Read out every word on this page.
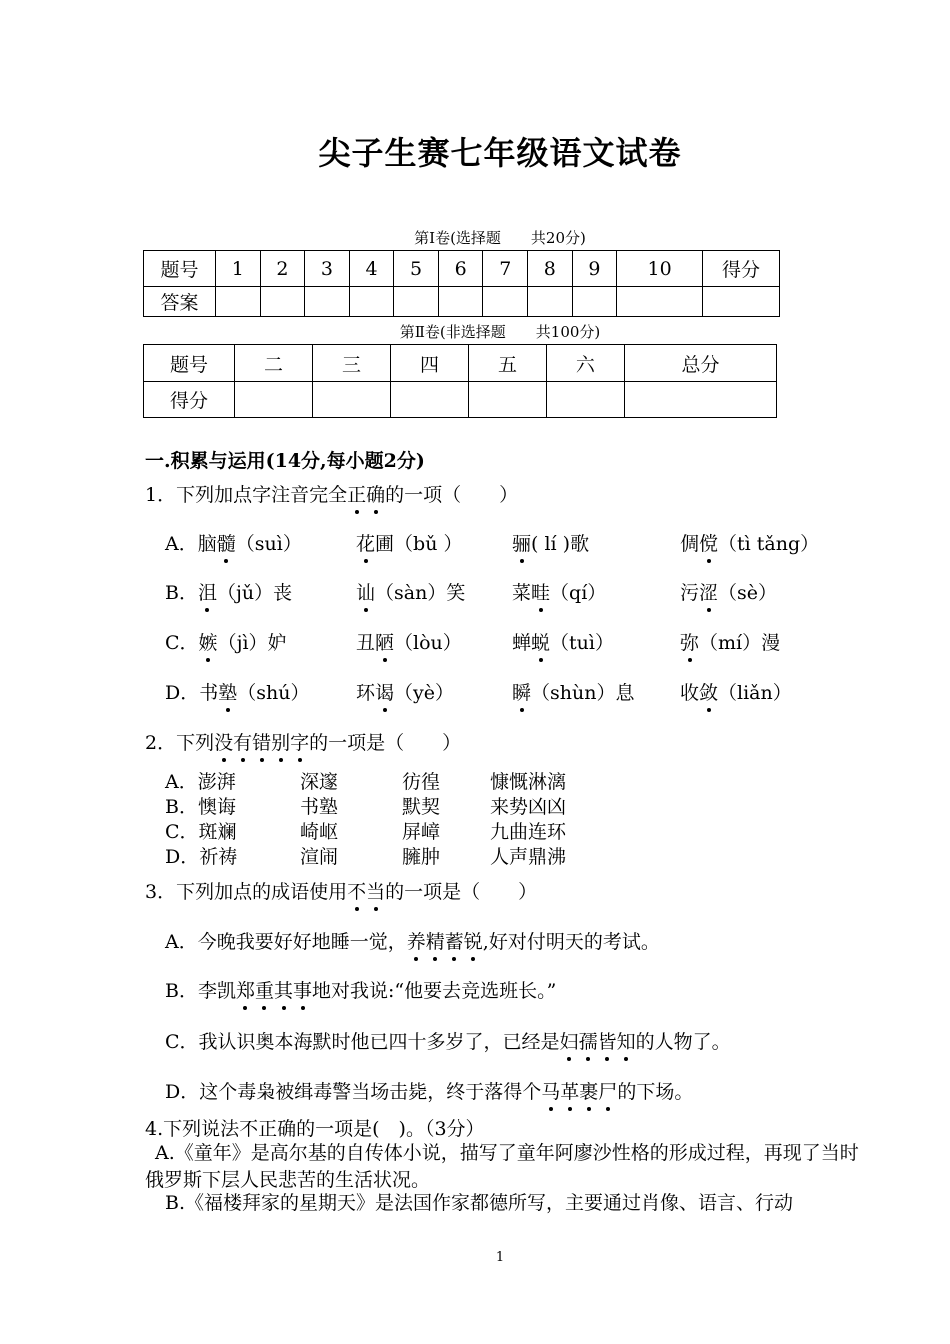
尖子生赛七年级语文试卷
第Ⅰ卷(选择题　　共20分)
题号	1	2	3	4	5	6	7	8	9	10	得分
答案											
第Ⅱ卷(非选择题　　共100分)
题号	二	三	四	五	六	总分
得分						
一.积累与运用(14分,每小题2分)
1．下列加点字注音完全正确的一项（　　）
A．脑髓（suì）	花圃（bǔ ）	骊( lí )歌	倜傥（tì tǎng）
B．沮（jǔ）丧	讪（sàn）笑 菜畦（qí）	污涩（sè）
C．嫉（jì）妒	丑陋（lòu）	蝉蜕（tuì）	弥（mí）漫
D．书塾（shú） 环谒（yè）	瞬（shùn）息 收敛（liǎn）
2．下列没有错别字的一项是（　　）
A．澎湃	深邃	彷徨	慷慨淋漓
B．懊诲	书塾	默契	来势凶凶
C．斑斓	崎岖	屏嶂	九曲连环
D．祈祷	渲闹	臃肿	人声鼎沸
3．下列加点的成语使用不当的一项是（　　）
A．今晚我要好好地睡一觉，养精蓄锐,好对付明天的考试。
B．李凯郑重其事地对我说:“他要去竞选班长。”
C．我认识奥本海默时他已四十多岁了，已经是妇孺皆知的人物了。
D．这个毒枭被缉毒警当场击毙，终于落得个马革裹尸的下场。
4.下列说法不正确的一项是(　)。（3分）
A.《童年》是高尔基的自传体小说，描写了童年阿廖沙性格的形成过程，再现了当时俄罗斯下层人民悲苦的生活状况。
B.《福楼拜家的星期天》是法国作家都德所写，主要通过肖像、语言、行动
1
